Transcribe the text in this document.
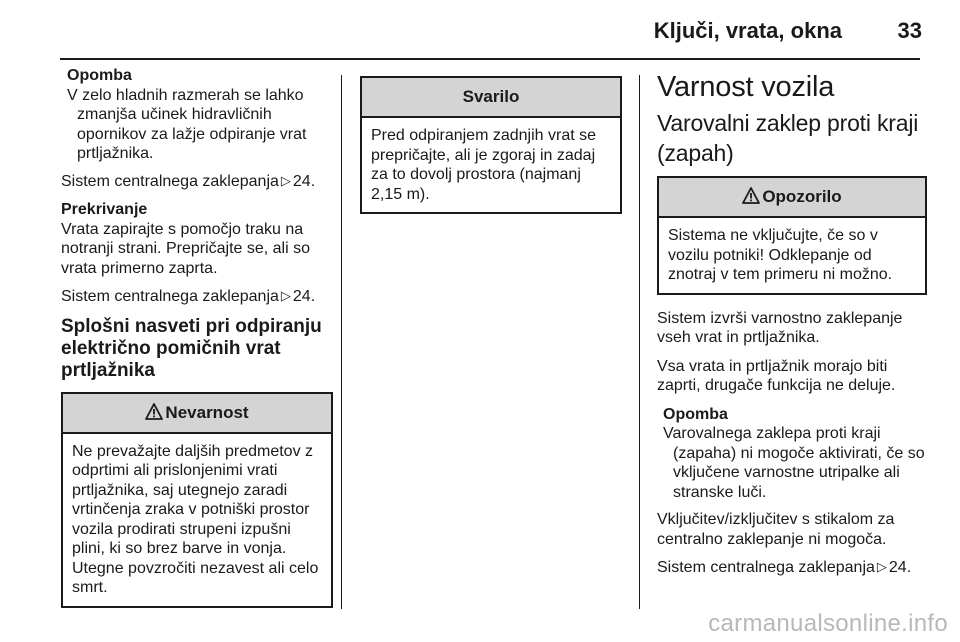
Ključi, vrata, okna	33
Opomba
V zelo hladnih razmerah se lahko zmanjša učinek hidravličnih opornikov za lažje odpiranje vrat prtljažnika.

Sistem centralnega zaklepanja ▷ 24.

Prekrivanje
Vrata zapirajte s pomočjo traku na notranji strani. Prepričajte se, ali so vrata primerno zaprta.

Sistem centralnega zaklepanja ▷ 24.

Splošni nasveti pri odpiranju električno pomičnih vrat prtljažnika
Nevarnost
Ne prevažajte daljših predmetov z odprtimi ali prislonjenimi vrati prtljažnika, saj utegnejo zaradi vrtinčenja zraka v potniški prostor vozila prodirati strupeni izpušni plini, ki so brez barve in vonja. Utegne povzročiti nezavest ali celo smrt.
Svarilo
Pred odpiranjem zadnjih vrat se prepričajte, ali je zgoraj in zadaj za to dovolj prostora (najmanj 2,15 m).
Varnost vozila
Varovalni zaklep proti kraji (zapah)
Opozorilo
Sistema ne vključujte, če so v vozilu potniki! Odklepanje od znotraj v tem primeru ni možno.

Sistem izvrši varnostno zaklepanje vseh vrat in prtljažnika.

Vsa vrata in prtljažnik morajo biti zaprti, drugače funkcija ne deluje.

Opomba
Varovalnega zaklepa proti kraji (zapaha) ni mogoče aktivirati, če so vključene varnostne utripalke ali stranske luči.

Vključitev/izključitev s stikalom za centralno zaklepanje ni mogoča.

Sistem centralnega zaklepanja ▷ 24.

carmanualsonline.info
